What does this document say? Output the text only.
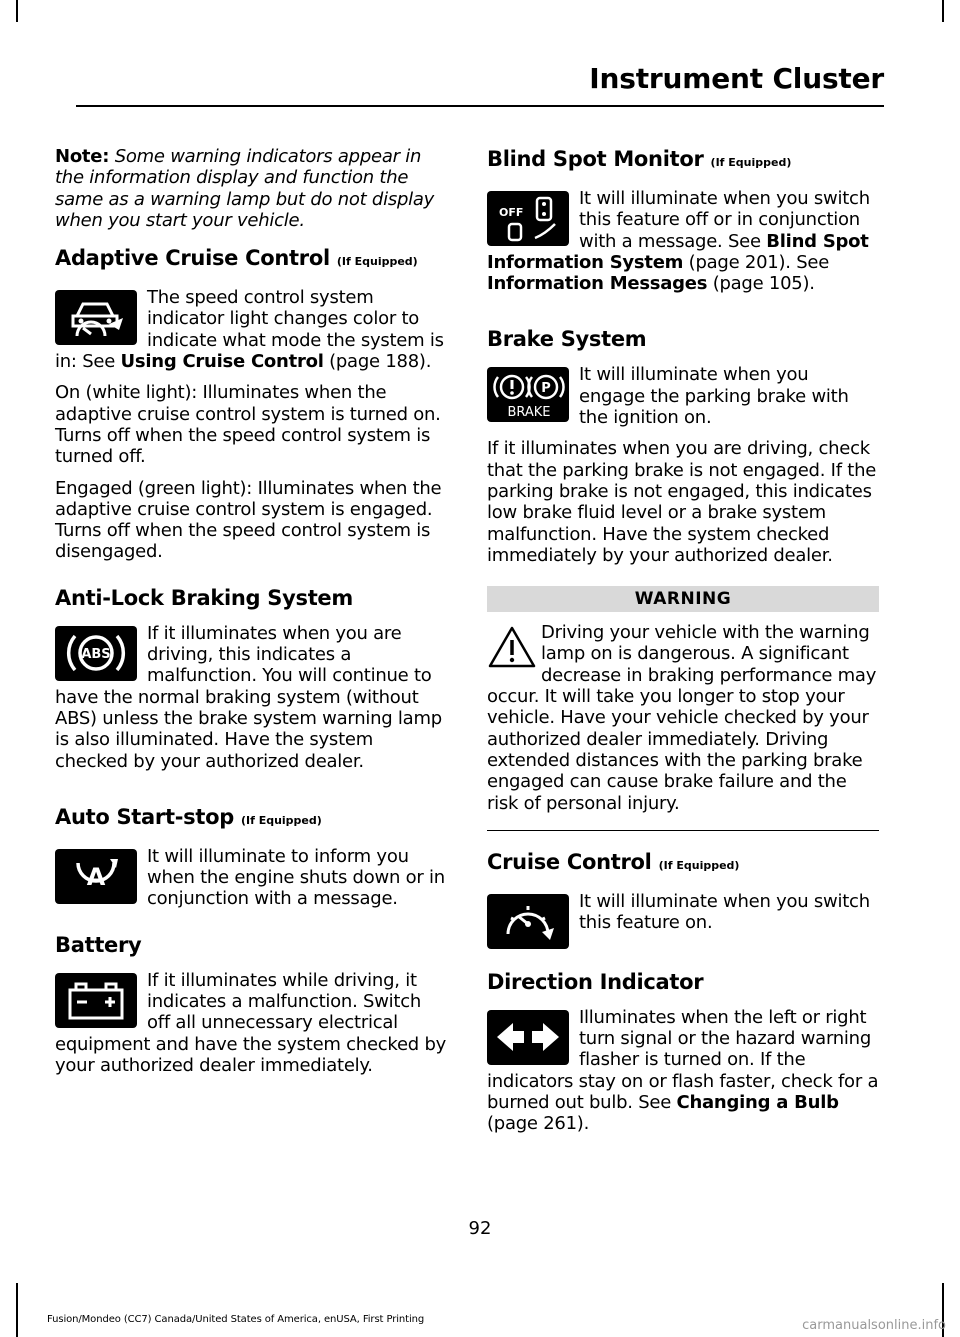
Instrument Cluster

Note: Some warning indicators appear in the information display and function the same as a warning lamp but do not display when you start your vehicle.

Adaptive Cruise Control (If Equipped)

The speed control system indicator light changes color to indicate what mode the system is in: See Using Cruise Control (page 188).

On (white light): Illuminates when the adaptive cruise control system is turned on. Turns off when the speed control system is turned off.

Engaged (green light): Illuminates when the adaptive cruise control system is engaged. Turns off when the speed control system is disengaged.

Anti-Lock Braking System
ABS

If it illuminates when you are driving, this indicates a malfunction. You will continue to have the normal braking system (without ABS) unless the brake system warning lamp is also illuminated. Have the system checked by your authorized dealer.

Auto Start-stop (If Equipped)
A

It will illuminate to inform you when the engine shuts down or in conjunction with a message.

Battery

If it illuminates while driving, it indicates a malfunction. Switch off all unnecessary electrical equipment and have the system checked by your authorized dealer immediately.

Blind Spot Monitor (If Equipped)
OFF

It will illuminate when you switch this feature off or in conjunction with a message. See Blind Spot Information System (page 201). See Information Messages (page 105).

Brake System
P
BRAKE

It will illuminate when you engage the parking brake with the ignition on.

If it illuminates when you are driving, check that the parking brake is not engaged. If the parking brake is not engaged, this indicates low brake fluid level or a brake system malfunction. Have the system checked immediately by your authorized dealer.

WARNING

Driving your vehicle with the warning lamp on is dangerous. A significant decrease in braking performance may occur. It will take you longer to stop your vehicle. Have your vehicle checked by your authorized dealer immediately. Driving extended distances with the parking brake engaged can cause brake failure and the risk of personal injury.

Cruise Control (If Equipped)

It will illuminate when you switch this feature on.

Direction Indicator

Illuminates when the left or right turn signal or the hazard warning flasher is turned on. If the indicators stay on or flash faster, check for a burned out bulb. See Changing a Bulb (page 261).

92
Fusion/Mondeo (CC7) Canada/United States of America, enUSA, First Printing	carmanualsonline.info
